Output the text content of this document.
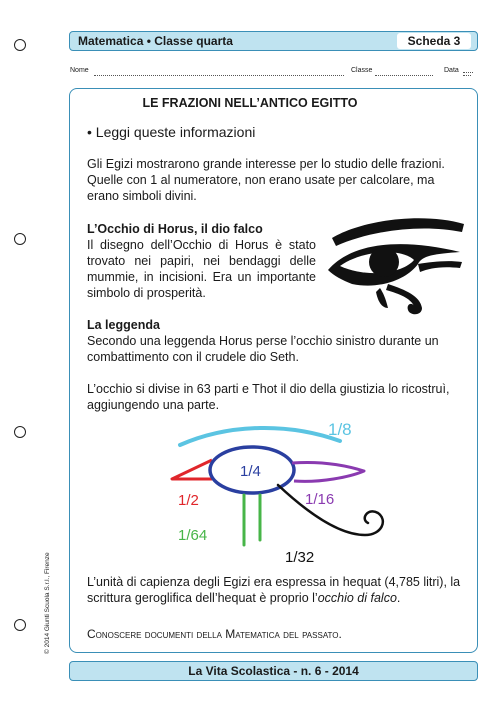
Matematica • Classe quarta	Scheda 3
Nome	Classe	Data
LE FRAZIONI NELL’ANTICO EGITTO
• Leggi queste informazioni
Gli Egizi mostrarono grande interesse per lo studio delle frazioni.
Quelle con 1 al numeratore, non erano usate per calcolare, ma
erano simboli divini.
L’Occhio di Horus, il dio falco
Il disegno dell’Occhio di Horus è stato
trovato nei papiri, nei bendaggi delle
mummie, in incisioni. Era un importante
simbolo di prosperità.
La leggenda
Secondo una leggenda Horus perse l’occhio sinistro durante un
combattimento con il crudele dio Seth.
L’occhio si divise in 63 parti e Thot il dio della giustizia lo ricostruì,
aggiungendo una parte.
1/8
1/2
1/4
1/16
1/64
1/32
L’unità di capienza degli Egizi era espressa in hequat (4,785 litri), la
scrittura geroglifica dell’hequat è proprio l’occhio di falco.
Conoscere documenti della Matematica del passato.
© 2014 Giunti Scuola S.r.l., Firenze
La Vita Scolastica - n. 6 - 2014
